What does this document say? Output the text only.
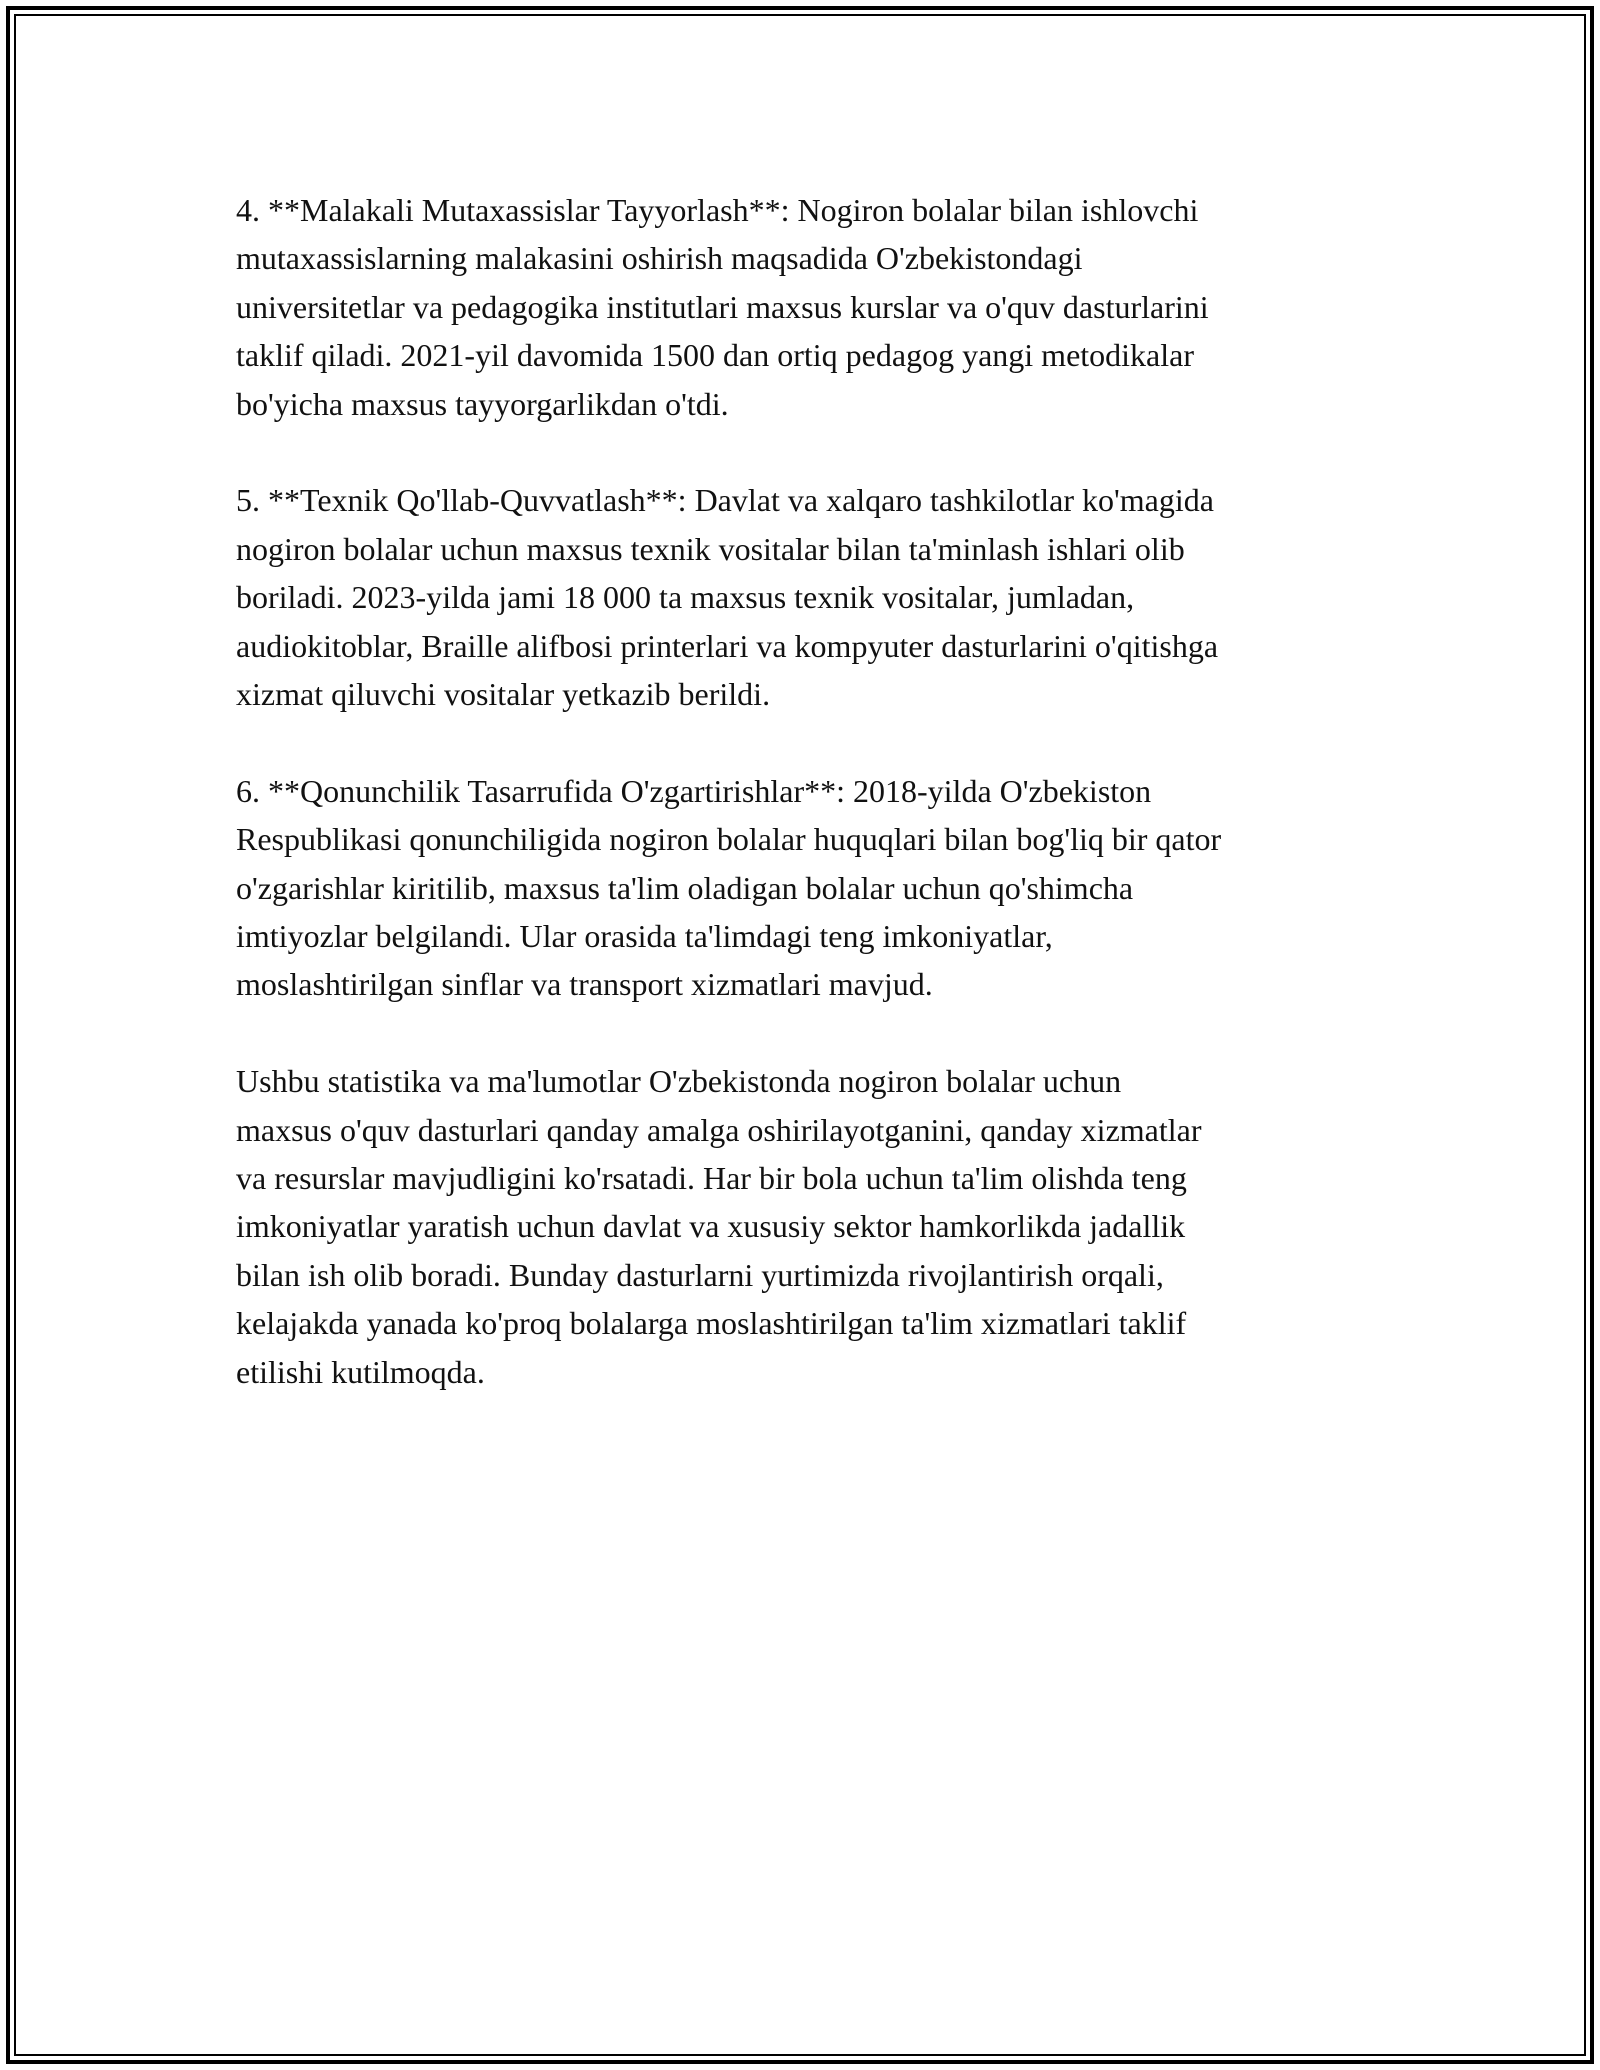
4. **Malakali Mutaxassislar Tayyorlash**: Nogiron bolalar bilan ishlovchi
mutaxassislarning malakasini oshirish maqsadida O'zbekistondagi
universitetlar va pedagogika institutlari maxsus kurslar va o'quv dasturlarini
taklif qiladi. 2021-yil davomida 1500 dan ortiq pedagog yangi metodikalar
bo'yicha maxsus tayyorgarlikdan o'tdi.

5. **Texnik Qo'llab-Quvvatlash**: Davlat va xalqaro tashkilotlar ko'magida
nogiron bolalar uchun maxsus texnik vositalar bilan ta'minlash ishlari olib
boriladi. 2023-yilda jami 18 000 ta maxsus texnik vositalar, jumladan,
audiokitoblar, Braille alifbosi printerlari va kompyuter dasturlarini o'qitishga
xizmat qiluvchi vositalar yetkazib berildi.

6. **Qonunchilik Tasarrufida O'zgartirishlar**: 2018-yilda O'zbekiston
Respublikasi qonunchiligida nogiron bolalar huquqlari bilan bog'liq bir qator
o'zgarishlar kiritilib, maxsus ta'lim oladigan bolalar uchun qo'shimcha
imtiyozlar belgilandi. Ular orasida ta'limdagi teng imkoniyatlar,
moslashtirilgan sinflar va transport xizmatlari mavjud.

Ushbu statistika va ma'lumotlar O'zbekistonda nogiron bolalar uchun
maxsus o'quv dasturlari qanday amalga oshirilayotganini, qanday xizmatlar
va resurslar mavjudligini ko'rsatadi. Har bir bola uchun ta'lim olishda teng
imkoniyatlar yaratish uchun davlat va xususiy sektor hamkorlikda jadallik
bilan ish olib boradi. Bunday dasturlarni yurtimizda rivojlantirish orqali,
kelajakda yanada ko'proq bolalarga moslashtirilgan ta'lim xizmatlari taklif
etilishi kutilmoqda.
